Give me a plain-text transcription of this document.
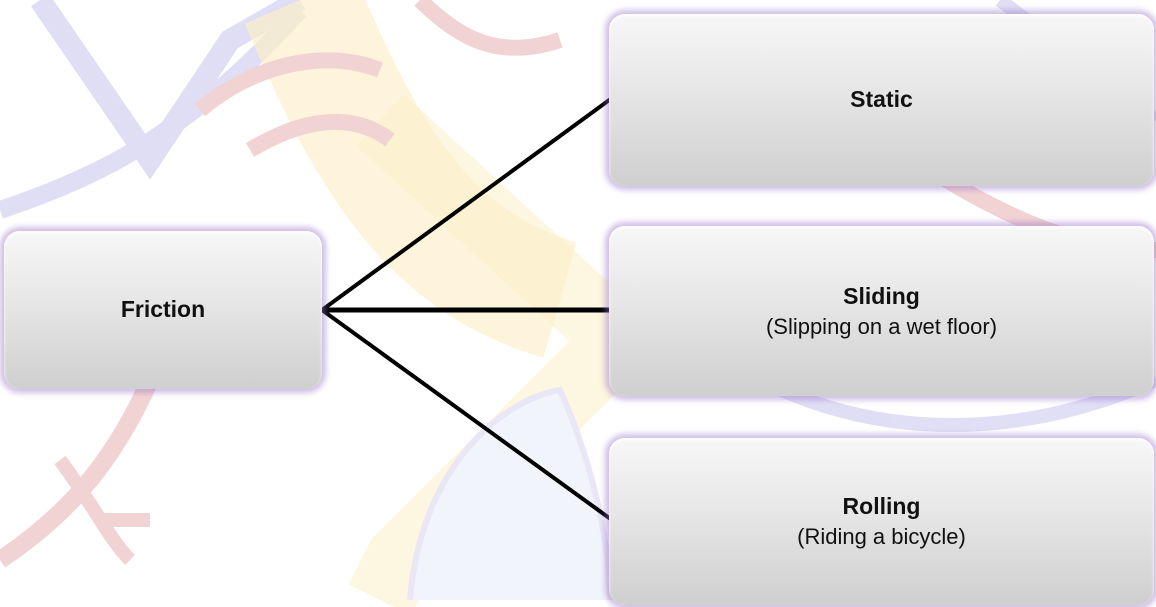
Friction
Static
Sliding
(Slipping on a wet floor)
Rolling
(Riding a bicycle)
